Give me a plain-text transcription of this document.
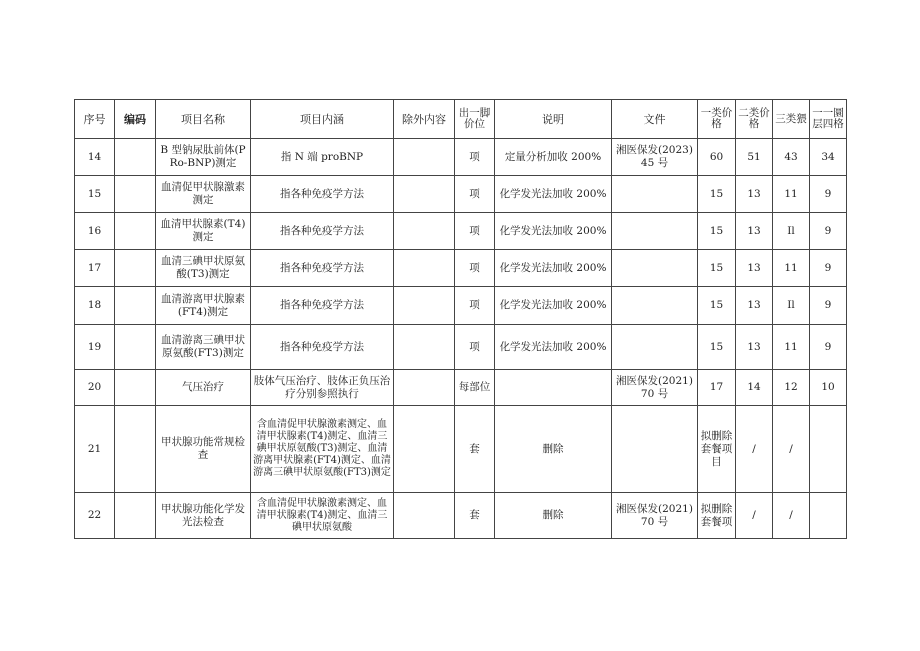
序号	编码	项目名称	项目内涵	除外内容	出一脚价位	说明	文件	一类价格	二类价格	三类猥	一一圜层四格
14		B 型钠尿肽前体(PRo-BNP)测定	指 N 端 proBNP		项	定量分析加收 200%	湘医保发(2023)45 号	60	51	43	34
15		血清促甲状腺激素测定	指各种免疫学方法		项	化学发光法加收 200%		15	13	11	9
16		血清甲状腺素(T4)测定	指各种免疫学方法		项	化学发光法加收 200%		15	13	Il	9
17		血清三碘甲状原氨酸(T3)测定	指各种免疫学方法		项	化学发光法加收 200%		15	13	11	9
18		血清游离甲状腺素(FT4)测定	指各种免疫学方法		项	化学发光法加收 200%		15	13	Il	9
19		血清游离三碘甲状原氨酸(FT3)测定	指各种免疫学方法		项	化学发光法加收 200%		15	13	11	9
20		气压治疗	肢体气压治疗、肢体正负压治疗分别参照执行		每部位		湘医保发(2021)70 号	17	14	12	10
21		甲状腺功能常规检查	含血清促甲状腺激素测定、血清甲状腺素(T4)测定、血清三碘甲状原氨酸(T3)测定、血清游离甲状腺素(FT4)测定、血清游离三碘甲状原氨酸(FT3)测定		套	删除		拟删除套餐项目	/	/	
22		甲状腺功能化学发光法检查	含血清促甲状腺激素测定、血清甲状腺素(T4)测定、血清三碘甲状原氨酸		套	删除	湘医保发(2021)70 号	拟删除套餐项	/	/	
